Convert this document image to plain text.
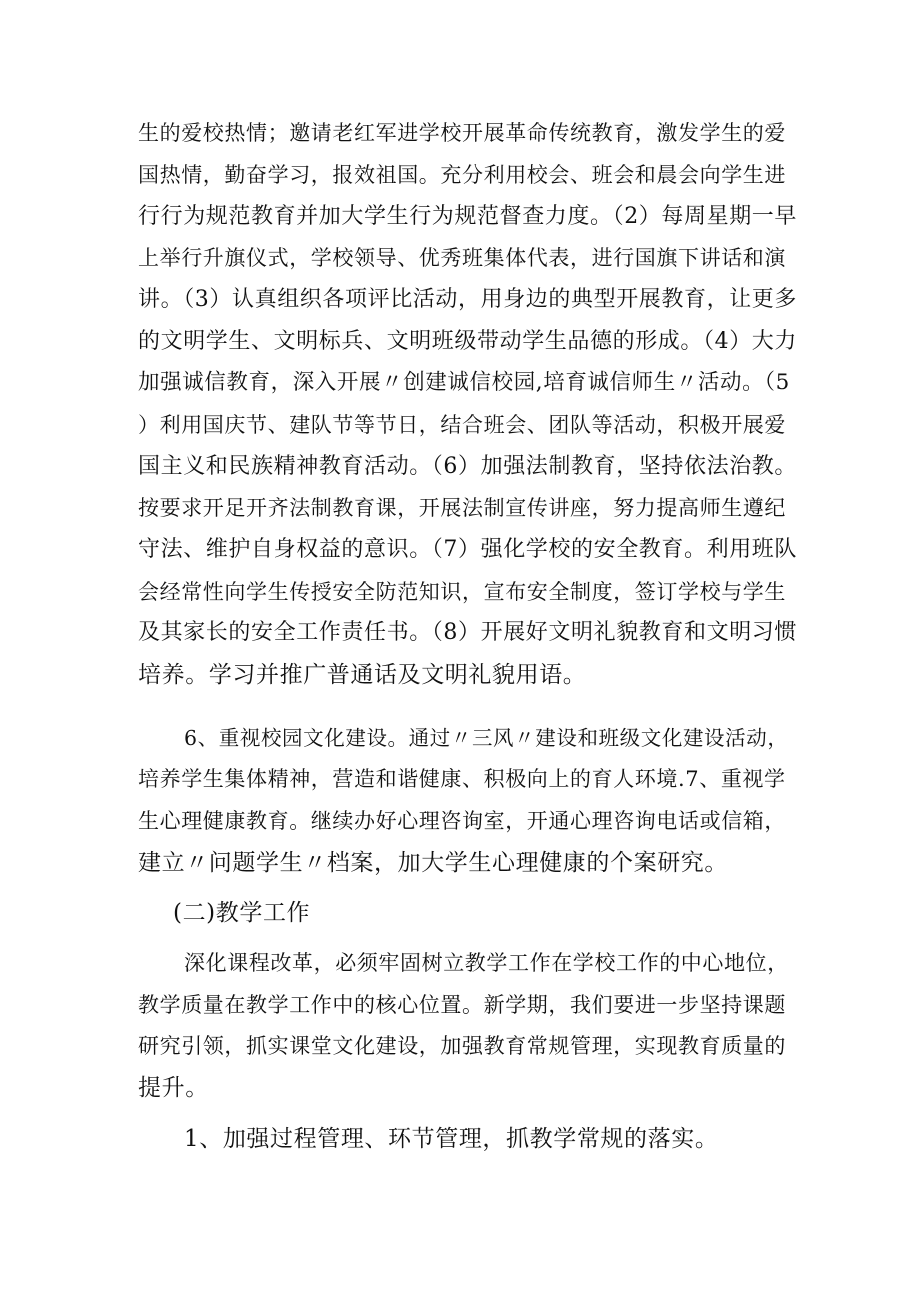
生的爱校热情；邀请老红军进学校开展革命传统教育，激发学生的爱
国热情，勤奋学习，报效祖国。充分利用校会、班会和晨会向学生进
行行为规范教育并加大学生行为规范督查力度。（2）每周星期一早
上举行升旗仪式，学校领导、优秀班集体代表，进行国旗下讲话和演
讲。（3）认真组织各项评比活动，用身边的典型开展教育，让更多
的文明学生、文明标兵、文明班级带动学生品德的形成。（4）大力
加强诚信教育，深入开展〃创建诚信校园,培育诚信师生〃活动。（5
）利用国庆节、建队节等节日，结合班会、团队等活动，积极开展爱
国主义和民族精神教育活动。（6）加强法制教育，坚持依法治教。
按要求开足开齐法制教育课，开展法制宣传讲座，努力提高师生遵纪
守法、维护自身权益的意识。（7）强化学校的安全教育。利用班队
会经常性向学生传授安全防范知识，宣布安全制度，签订学校与学生
及其家长的安全工作责任书。（8）开展好文明礼貌教育和文明习惯
培养。学习并推广普通话及文明礼貌用语。
6、重视校园文化建设。通过〃三风〃建设和班级文化建设活动，
培养学生集体精神，营造和谐健康、积极向上的育人环境.7、重视学
生心理健康教育。继续办好心理咨询室，开通心理咨询电话或信箱，
建立〃问题学生〃档案，加大学生心理健康的个案研究。
(二)教学工作
深化课程改革，必须牢固树立教学工作在学校工作的中心地位，
教学质量在教学工作中的核心位置。新学期，我们要进一步坚持课题
研究引领，抓实课堂文化建设，加强教育常规管理，实现教育质量的
提升。
1、加强过程管理、环节管理，抓教学常规的落实。
